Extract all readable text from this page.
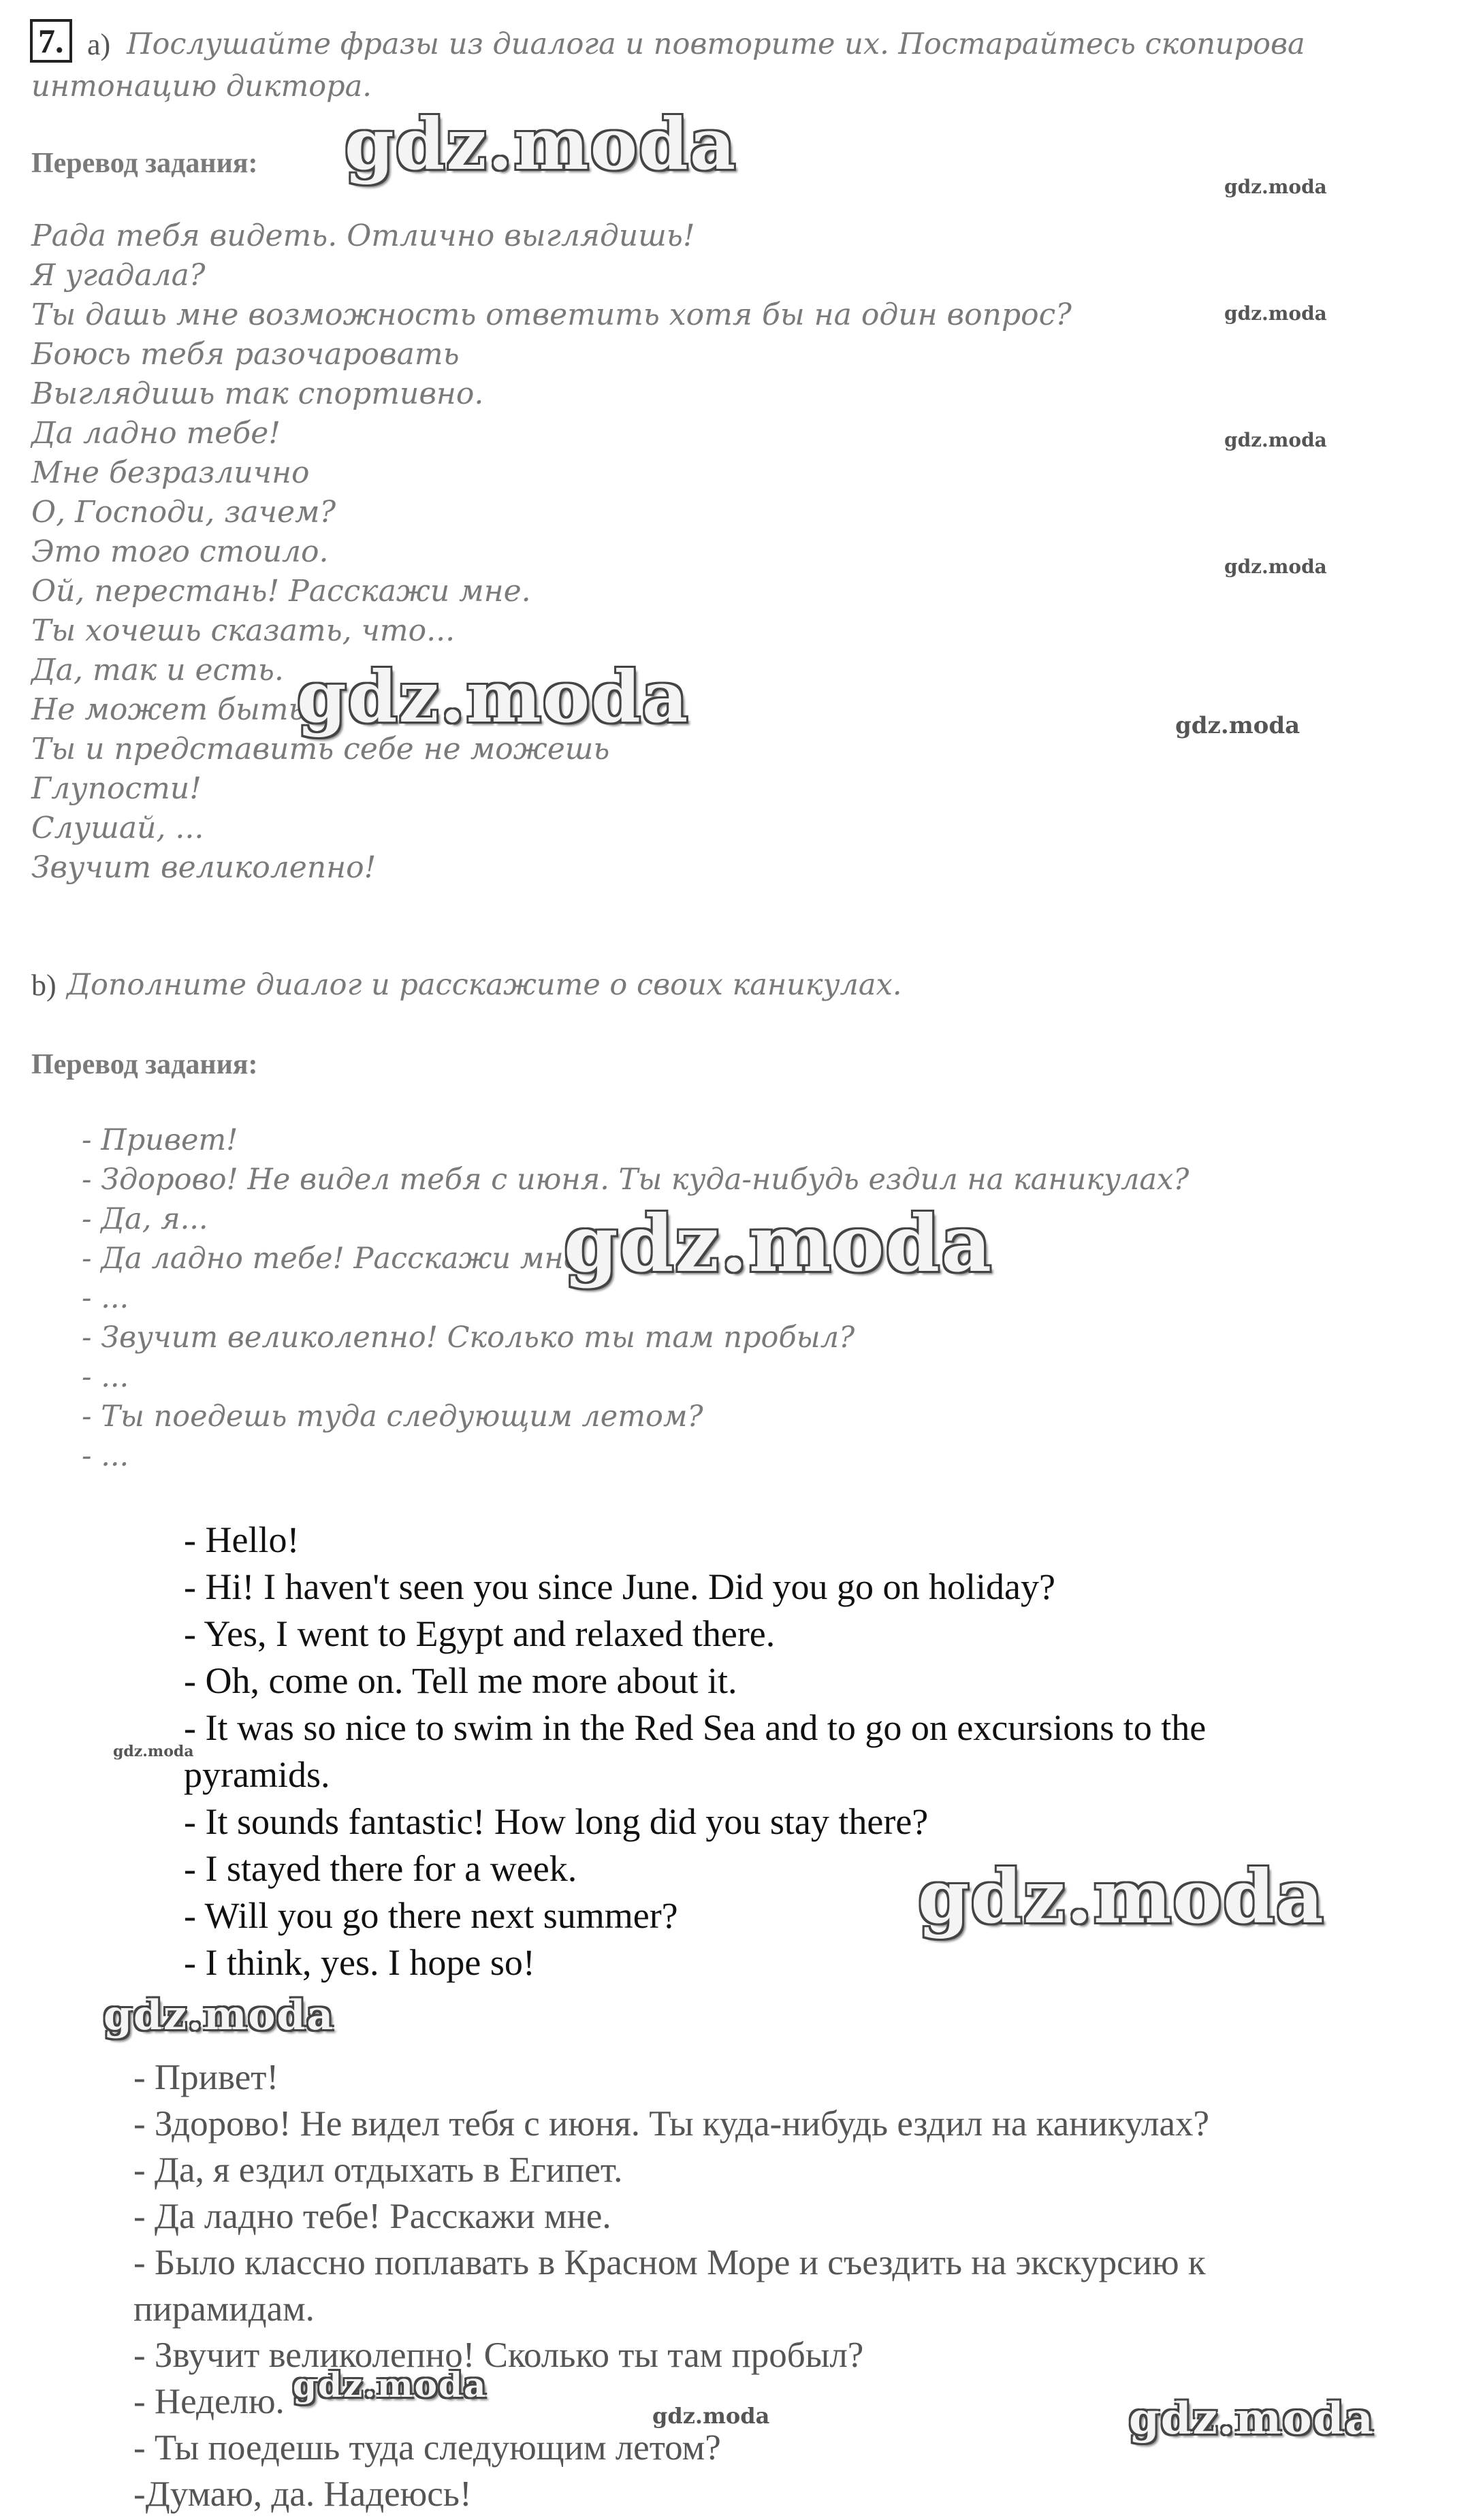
7. a) Послушайте фразы из диалога и повторите их. Постарайтесь скопирова
интонацию диктора.
Перевод задания:
Рада тебя видеть. Отлично выглядишь!
Я угадала?
Ты дашь мне возможность ответить хотя бы на один вопрос?
Боюсь тебя разочаровать
Выглядишь так спортивно.
Да ладно тебе!
Мне безразлично
О, Господи, зачем?
Это того стоило.
Ой, перестань! Расскажи мне.
Ты хочешь сказать, что...
Да, так и есть.
Не может быть!
Ты и представить себе не можешь
Глупости!
Слушай, ...
Звучит великолепно!
b) Дополните диалог и расскажите о своих каникулах.
Перевод задания:
- Привет!
- Здорово! Не видел тебя с июня. Ты куда-нибудь ездил на каникулах?
- Да, я...
- Да ладно тебе! Расскажи мне
- ...
- Звучит великолепно! Сколько ты там пробыл?
- ...
- Ты поедешь туда следующим летом?
- ...
- Hello!
- Hi! I haven't seen you since June. Did you go on holiday?
- Yes, I went to Egypt and relaxed there.
- Oh, come on. Tell me more about it.
- It was so nice to swim in the Red Sea and to go on excursions to the
pyramids.
- It sounds fantastic! How long did you stay there?
- I stayed there for a week.
- Will you go there next summer?
- I think, yes. I hope so!
- Привет!
- Здорово! Не видел тебя с июня. Ты куда-нибудь ездил на каникулах?
- Да, я ездил отдыхать в Египет.
- Да ладно тебе! Расскажи мне.
- Было классно поплавать в Красном Море и съездить на экскурсию к
пирамидам.
- Звучит великолепно! Сколько ты там пробыл?
- Неделю.
- Ты поедешь туда следующим летом?
-Думаю, да. Надеюсь!
gdz.moda
gdz.moda
gdz.moda
gdz.moda
gdz.moda
gdz.moda
gdz.moda
gdz.moda
gdz.moda
gdz.moda
gdz.moda
gdz.moda
gdz.moda
gdz.moda
